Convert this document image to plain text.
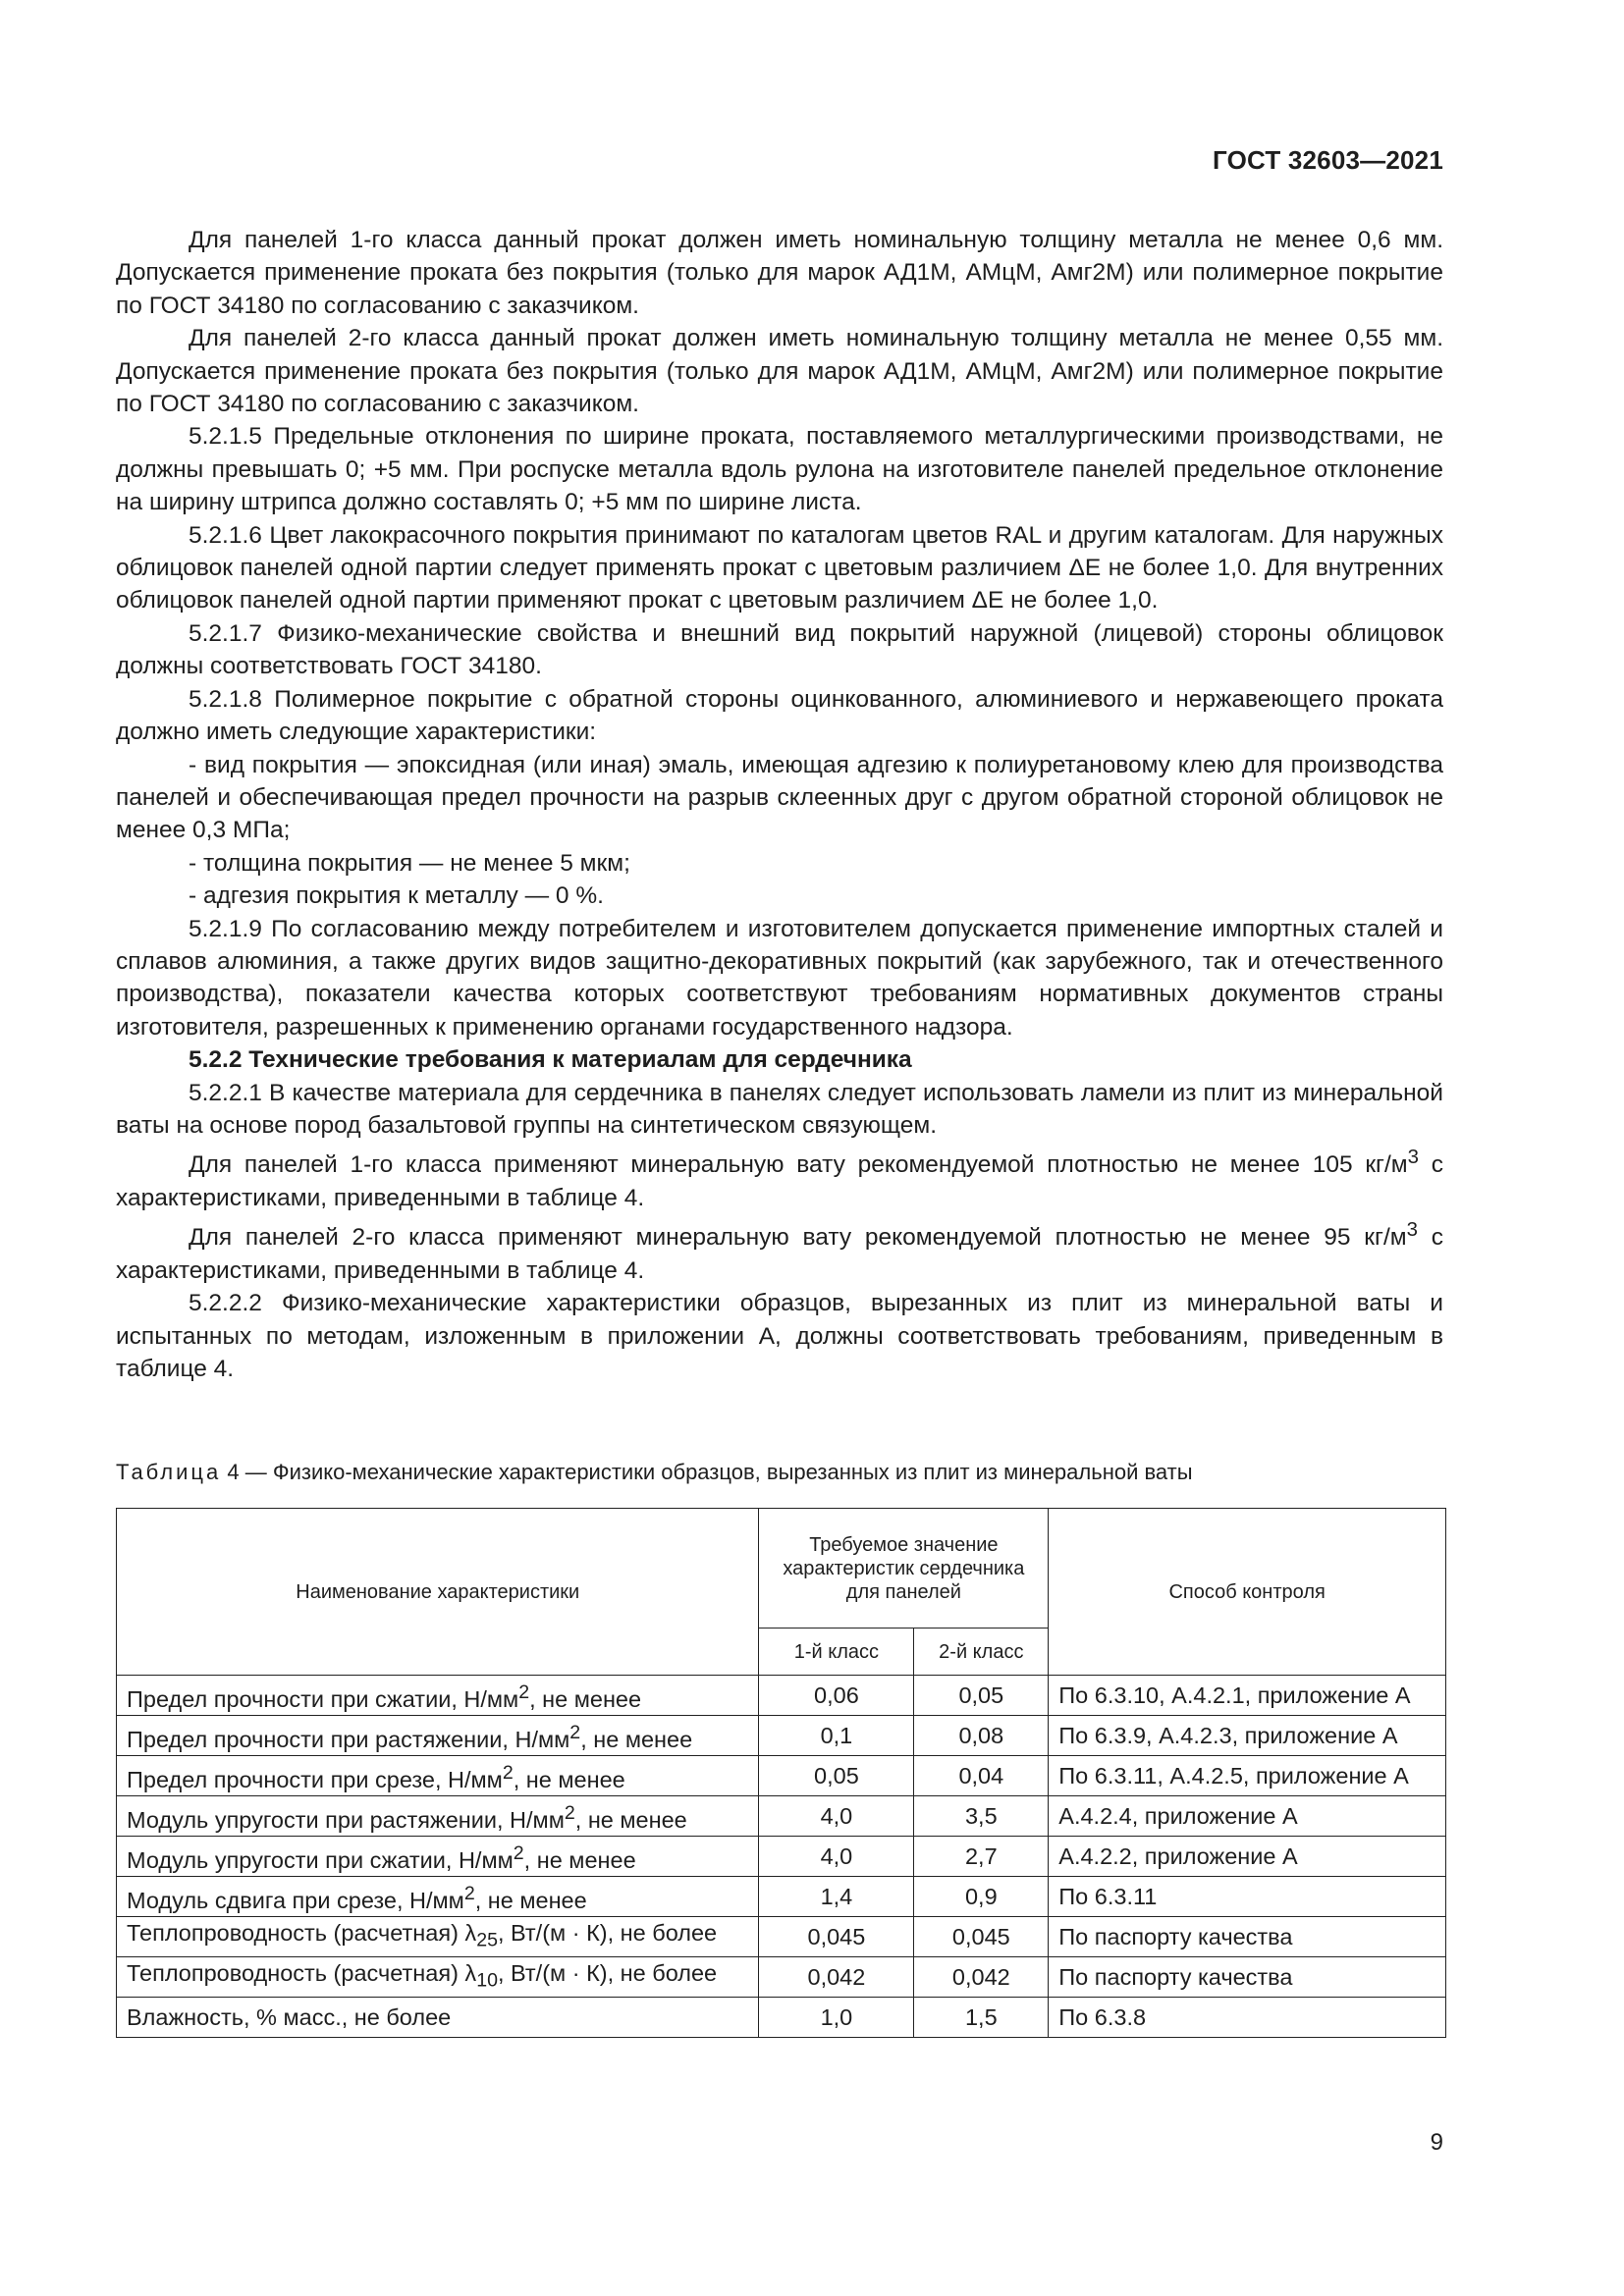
ГОСТ 32603—2021

Для панелей 1-го класса данный прокат должен иметь номинальную толщину металла не менее 0,6 мм. Допускается применение проката без покрытия (только для марок АД1М, АМцМ, Амг2М) или полимерное покрытие по ГОСТ 34180 по согласованию с заказчиком.

Для панелей 2-го класса данный прокат должен иметь номинальную толщину металла не менее 0,55 мм. Допускается применение проката без покрытия (только для марок АД1М, АМцМ, Амг2М) или полимерное покрытие по ГОСТ 34180 по согласованию с заказчиком.

5.2.1.5 Предельные отклонения по ширине проката, поставляемого металлургическими производствами, не должны превышать 0; +5 мм. При роспуске металла вдоль рулона на изготовителе панелей предельное отклонение на ширину штрипса должно составлять 0; +5 мм по ширине листа.

5.2.1.6 Цвет лакокрасочного покрытия принимают по каталогам цветов RAL и другим каталогам. Для наружных облицовок панелей одной партии следует применять прокат с цветовым различием ΔE не более 1,0. Для внутренних облицовок панелей одной партии применяют прокат с цветовым различием ΔE не более 1,0.

5.2.1.7 Физико-механические свойства и внешний вид покрытий наружной (лицевой) стороны облицовок должны соответствовать ГОСТ 34180.

5.2.1.8 Полимерное покрытие с обратной стороны оцинкованного, алюминиевого и нержавеющего проката должно иметь следующие характеристики:

- вид покрытия — эпоксидная (или иная) эмаль, имеющая адгезию к полиуретановому клею для производства панелей и обеспечивающая предел прочности на разрыв склеенных друг с другом обратной стороной облицовок не менее 0,3 МПа;

- толщина покрытия — не менее 5 мкм;

- адгезия покрытия к металлу — 0 %.

5.2.1.9 По согласованию между потребителем и изготовителем допускается применение импортных сталей и сплавов алюминия, а также других видов защитно-декоративных покрытий (как зарубежного, так и отечественного производства), показатели качества которых соответствуют требованиям нормативных документов страны изготовителя, разрешенных к применению органами государственного надзора.

5.2.2 Технические требования к материалам для сердечника

5.2.2.1 В качестве материала для сердечника в панелях следует использовать ламели из плит из минеральной ваты на основе пород базальтовой группы на синтетическом связующем.

Для панелей 1-го класса применяют минеральную вату рекомендуемой плотностью не менее 105 $кг/м^3$ с характеристиками, приведенными в таблице 4.

Для панелей 2-го класса применяют минеральную вату рекомендуемой плотностью не менее 95 $кг/м^3$ с характеристиками, приведенными в таблице 4.

5.2.2.2 Физико-механические характеристики образцов, вырезанных из плит из минеральной ваты и испытанных по методам, изложенным в приложении А, должны соответствовать требованиям, приведенным в таблице 4.

Таблица 4 — Физико-механические характеристики образцов, вырезанных из плит из минеральной ваты
Наименование характеристики	Требуемое значение характеристик сердечника для панелей		Способ контроля
	1-й класс	2-й класс	
Предел прочности при сжатии, $Н/мм^2$, не менее	0,06	0,05	По 6.3.10, А.4.2.1, приложение А
Предел прочности при растяжении, $Н/мм^2$, не менее	0,1	0,08	По 6.3.9, А.4.2.3, приложение А
Предел прочности при срезе, $Н/мм^2$, не менее	0,05	0,04	По 6.3.11, А.4.2.5, приложение А
Модуль упругости при растяжении, $Н/мм^2$, не менее	4,0	3,5	А.4.2.4, приложение А
Модуль упругости при сжатии, $Н/мм^2$, не менее	4,0	2,7	А.4.2.2, приложение А
Модуль сдвига при срезе, $Н/мм^2$, не менее	1,4	0,9	По 6.3.11
Теплопроводность (расчетная) $\lambda_{25}$, Вт/(м · К), не более	0,045	0,045	По паспорту качества
Теплопроводность (расчетная) $\lambda_{10}$, Вт/(м · К), не более	0,042	0,042	По паспорту качества
Влажность, % масс., не более	1,0	1,5	По 6.3.8
9
